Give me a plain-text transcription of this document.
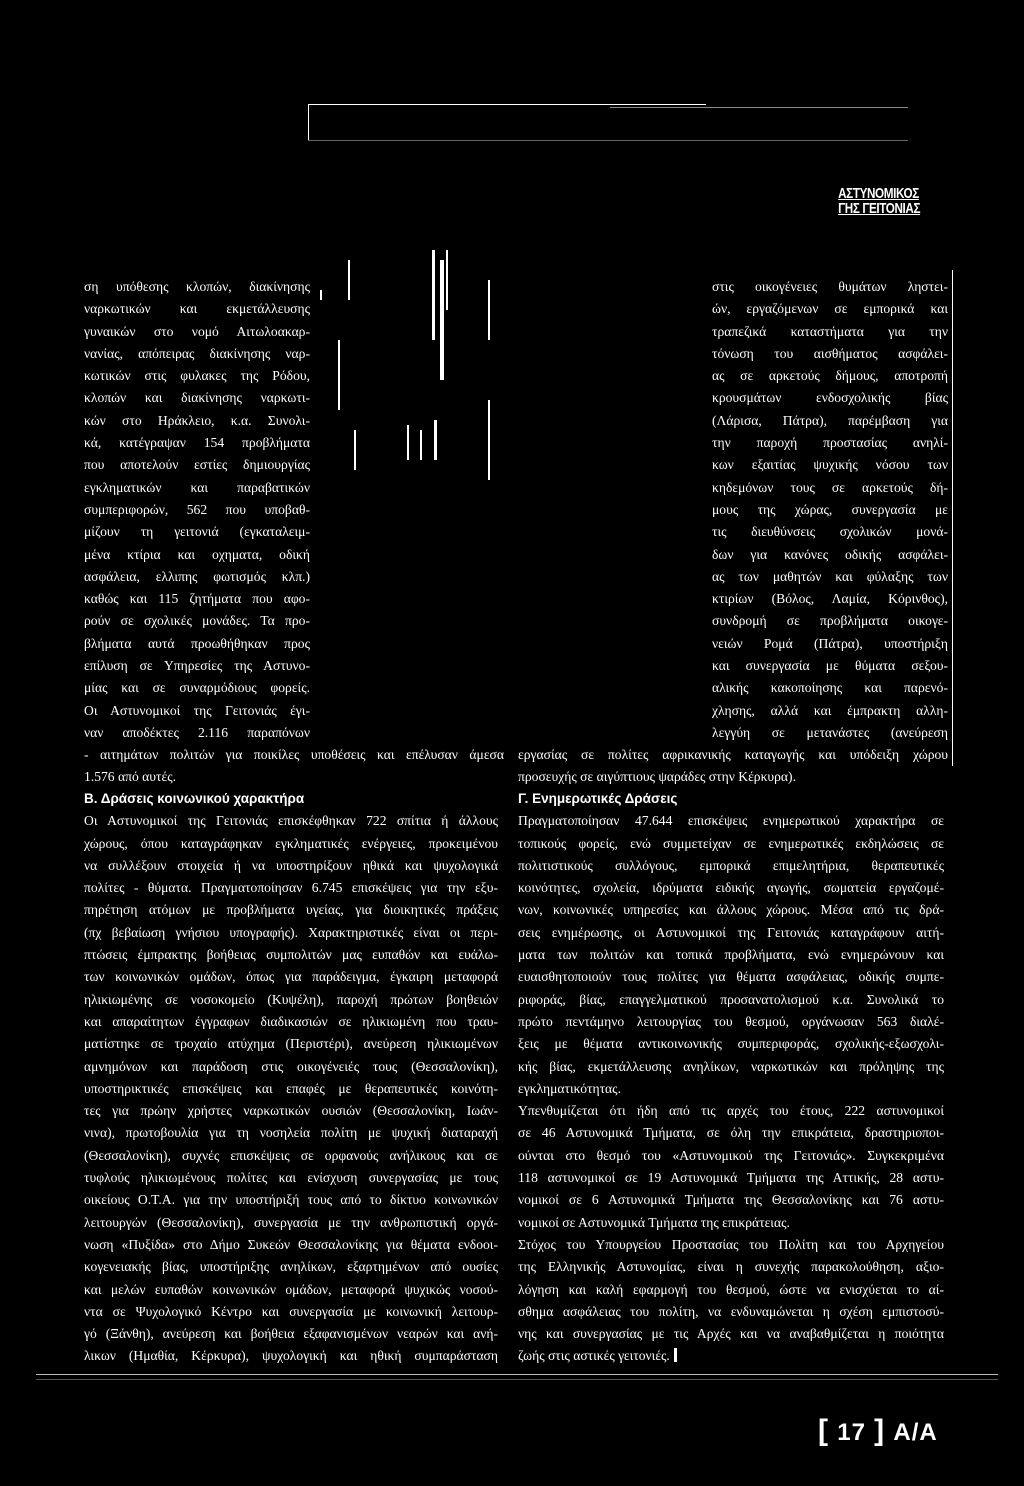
ΑΣΤΥΝΟΜΙΚΟΣ
ΓΗΣ ΓΕΙΤΟΝΙΑΣ

ση υπόθεσης κλοπών, διακίνησης

ναρκωτικών και εκμετάλλευσης

γυναικών στο νομό Αιτωλοακαρ-

νανίας, απόπειρας διακίνησης ναρ-

κωτικών στις φυλακες της Ρόδου,

κλοπών και διακίνησης ναρκωτι-

κών στο Ηράκλειο, κ.α. Συνολι-

κά, κατέγραψαν 154 προβλήματα

που αποτελούν εστίες δημιουργίας

εγκληματικών και παραβατικών

συμπεριφορών, 562 που υποβαθ-

μίζουν τη γειτονιά (εγκαταλειμ-

μένα κτίρια και οχηματα, οδική

ασφάλεια, ελλιπης φωτισμός κλπ.)

καθώς και 115 ζητήματα που αφο-

ρούν σε σχολικές μονάδες. Τα προ-

βλήματα αυτά προωθήθηκαν προς

επίλυση σε Υπηρεσίες της Αστυνο-

μίας και σε συναρμόδιους φορείς.

Οι Αστυνομικοί της Γειτονιάς έγι-

ναν αποδέκτες 2.116 παραπόνων

- αιτημάτων πολιτών για ποικίλες υποθέσεις και επέλυσαν άμεσα

1.576 από αυτές.

στις οικογένειες θυμάτων ληστει-

ών, εργαζόμενων σε εμπορικά και

τραπεζικά καταστήματα για την

τόνωση του αισθήματος ασφάλει-

ας σε αρκετούς δήμους, αποτροπή

κρουσμάτων ενδοσχολικής βίας

(Λάρισα, Πάτρα), παρέμβαση για

την παροχή προστασίας ανηλί-

κων εξαιτίας ψυχικής νόσου των

κηδεμόνων τους σε αρκετούς δή-

μους της χώρας, συνεργασία με

τις διευθύνσεις σχολικών μονά-

δων για κανόνες οδικής ασφάλει-

ας των μαθητών και φύλαξης των

κτιρίων (Βόλος, Λαμία, Κόρινθος),

συνδρομή σε προβλήματα οικογε-

νειών Ρομά (Πάτρα), υποστήριξη

και συνεργασία με θύματα σεξου-

αλικής κακοποίησης και παρενό-

χλησης, αλλά και έμπρακτη αλλη-

λεγγύη σε μετανάστες (ανεύρεση

εργασίας σε πολίτες αφρικανικής καταγωγής και υπόδειξη χώρου

προσευχής σε αιγύπτιους ψαράδες στην Κέρκυρα).

Β. Δράσεις κοινωνικού χαρακτήρα

Οι Αστυνομικοί της Γειτονιάς επισκέφθηκαν 722 σπίτια ή άλλους

χώρους, όπου καταγράφηκαν εγκληματικές ενέργειες, προκειμένου

να συλλέξουν στοιχεία ή να υποστηρίξουν ηθικά και ψυχολογικά

πολίτες - θύματα. Πραγματοποίησαν 6.745 επισκέψεις για την εξυ-

πηρέτηση ατόμων με προβλήματα υγείας, για διοικητικές πράξεις

(πχ βεβαίωση γνήσιου υπογραφής). Χαρακτηριστικές είναι οι περι-

πτώσεις έμπρακτης βοήθειας συμπολιτών μας ευπαθών και ευάλω-

των κοινωνικών ομάδων, όπως για παράδειγμα, έγκαιρη μεταφορά

ηλικιωμένης σε νοσοκομείο (Κυψέλη), παροχή πρώτων βοηθειών

και απαραίτητων έγγραφων διαδικασιών σε ηλικιωμένη που τραυ-

ματίστηκε σε τροχαίο ατύχημα (Περιστέρι), ανεύρεση ηλικιωμένων

αμνημόνων και παράδοση στις οικογένειές τους (Θεσσαλονίκη),

υποστηρικτικές επισκέψεις και επαφές με θεραπευτικές κοινότη-

τες για πρώην χρήστες ναρκωτικών ουσιών (Θεσσαλονίκη, Ιωάν-

νινα), πρωτοβουλία για τη νοσηλεία πολίτη με ψυχική διαταραχή

(Θεσσαλονίκη), συχνές επισκέψεις σε ορφανούς ανήλικους και σε

τυφλούς ηλικιωμένους πολίτες και ενίσχυση συνεργασίας με τους

οικείους Ο.Τ.Α. για την υποστήριξή τους από το δίκτυο κοινωνικών

λειτουργών (Θεσσαλονίκη), συνεργασία με την ανθρωπιστική οργά-

νωση «Πυξίδα» στο Δήμο Συκεών Θεσσαλονίκης για θέματα ενδοοι-

κογενειακής βίας, υποστήριξης ανηλίκων, εξαρτημένων από ουσίες

και μελών ευπαθών κοινωνικών ομάδων, μεταφορά ψυχικώς νοσού-

ντα σε Ψυχολογικό Κέντρο και συνεργασία με κοινωνική λειτουρ-

γό (Ξάνθη), ανεύρεση και βοήθεια εξαφανισμένων νεαρών και ανή-

λικων (Ημαθία, Κέρκυρα), ψυχολογική και ηθική συμπαράσταση

Γ. Ενημερωτικές Δράσεις

Πραγματοποίησαν 47.644 επισκέψεις ενημερωτικού χαρακτήρα σε

τοπικούς φορείς, ενώ συμμετείχαν σε ενημερωτικές εκδηλώσεις σε

πολιτιστικούς συλλόγους, εμπορικά επιμελητήρια, θεραπευτικές

κοινότητες, σχολεία, ιδρύματα ειδικής αγωγής, σωματεία εργαζομέ-

νων, κοινωνικές υπηρεσίες και άλλους χώρους. Μέσα από τις δρά-

σεις ενημέρωσης, οι Αστυνομικοί της Γειτονιάς καταγράφουν αιτή-

ματα των πολιτών και τοπικά προβλήματα, ενώ ενημερώνουν και

ευαισθητοποιούν τους πολίτες για θέματα ασφάλειας, οδικής συμπε-

ριφοράς, βίας, επαγγελματικού προσανατολισμού κ.α. Συνολικά το

πρώτο πεντάμηνο λειτουργίας του θεσμού, οργάνωσαν 563 διαλέ-

ξεις με θέματα αντικοινωνικής συμπεριφοράς, σχολικής-εξωσχολι-

κής βίας, εκμετάλλευσης ανηλίκων, ναρκωτικών και πρόληψης της

εγκληματικότητας.

Υπενθυμίζεται ότι ήδη από τις αρχές του έτους, 222 αστυνομικοί

σε 46 Αστυνομικά Τμήματα, σε όλη την επικράτεια, δραστηριοποι-

ούνται στο θεσμό του «Αστυνομικού της Γειτονιάς». Συγκεκριμένα

118 αστυνομικοί σε 19 Αστυνομικά Τμήματα της Αττικής, 28 αστυ-

νομικοί σε 6 Αστυνομικά Τμήματα της Θεσσαλονίκης και 76 αστυ-

νομικοί σε Αστυνομικά Τμήματα της επικράτειας.

Στόχος του Υπουργείου Προστασίας του Πολίτη και του Αρχηγείου

της Ελληνικής Αστυνομίας, είναι η συνεχής παρακολούθηση, αξιο-

λόγηση και καλή εφαρμογή του θεσμού, ώστε να ενισχύεται το αί-

σθημα ασφάλειας του πολίτη, να ενδυναμώνεται η σχέση εμπιστοσύ-

νης και συνεργασίας με τις Αρχές και να αναβαθμίζεται η ποιότητα

ζωής στις αστικές γειτονιές.

[ 17 ] Α/Α
